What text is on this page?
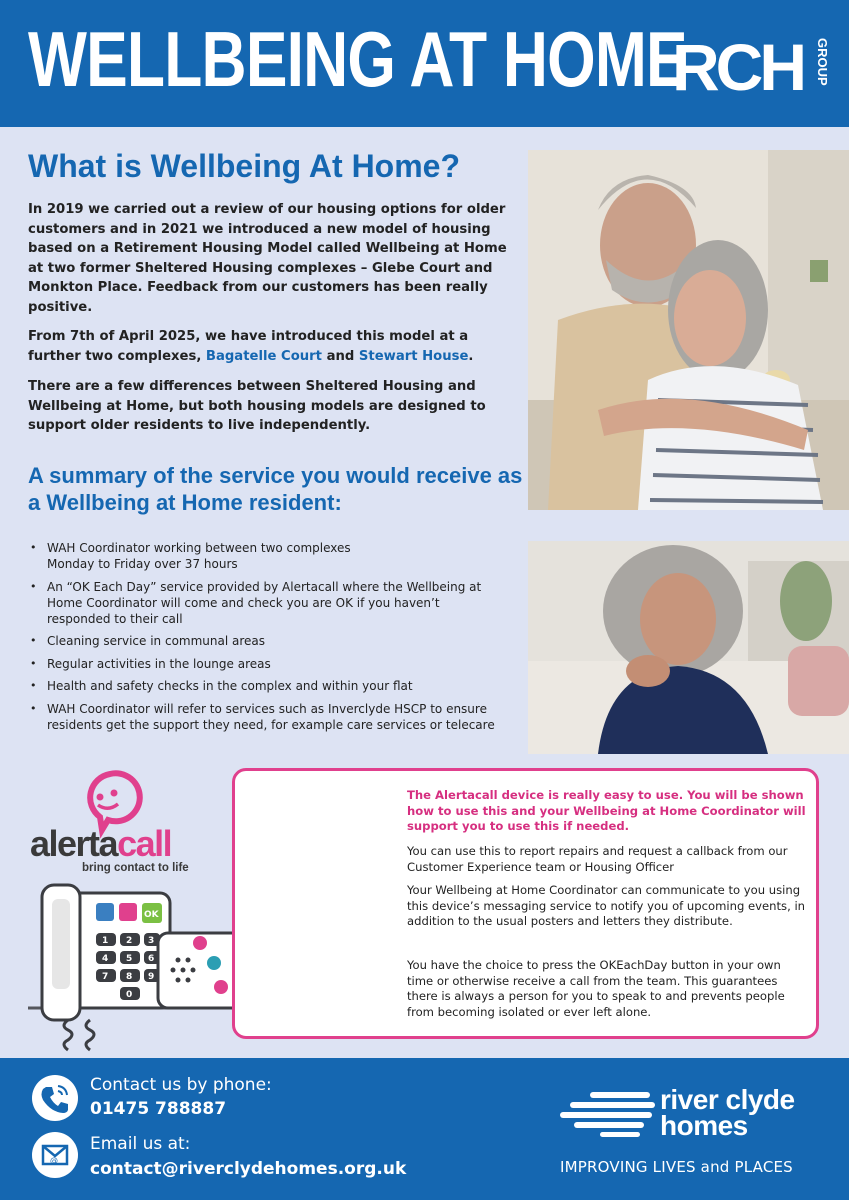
WELLBEING AT HOME
RCH GROUP
What is Wellbeing At Home?

In 2019 we carried out a review of our housing options for older customers and in 2021 we introduced a new model of housing based on a Retirement Housing Model called Wellbeing at Home at two former Sheltered Housing complexes – Glebe Court and Monkton Place. Feedback from our customers has been really positive.

From 7th of April 2025, we have introduced this model at a further two complexes, Bagatelle Court and Stewart House.

There are a few differences between Sheltered Housing and Wellbeing at Home, but both housing models are designed to support older residents to live independently.

A summary of the service you would receive as a Wellbeing at Home resident:
• WAH Coordinator working between two complexes Monday to Friday over 37 hours
• An “OK Each Day” service provided by Alertacall where the Wellbeing at Home Coordinator will come and check you are OK if you haven’t responded to their call
• Cleaning service in communal areas
• Regular activities in the lounge areas
• Health and safety checks in the complex and within your flat
• WAH Coordinator will refer to services such as Inverclyde HSCP to ensure residents get the support they need, for example care services or telecare
alertacall
bring contact to life
OK
1 2 3
4 5 6
7 8 9
0

The Alertacall device is really easy to use. You will be shown how to use this and your Wellbeing at Home Coordinator will support you to use this if needed.

You can use this to report repairs and request a callback from our Customer Experience team or Housing Officer

Your Wellbeing at Home Coordinator can communicate to you using this device’s messaging service to notify you of upcoming events, in addition to the usual posters and letters they distribute.

You have the choice to press the OKEachDay button in your own time or otherwise receive a call from the team. This guarantees there is always a person for you to speak to and prevents people from becoming isolated or ever left alone.

Contact us by phone:
01475 788887
@
Email us at:
contact@riverclydehomes.org.uk
river clyde
homes
IMPROVING LIVES and PLACES
